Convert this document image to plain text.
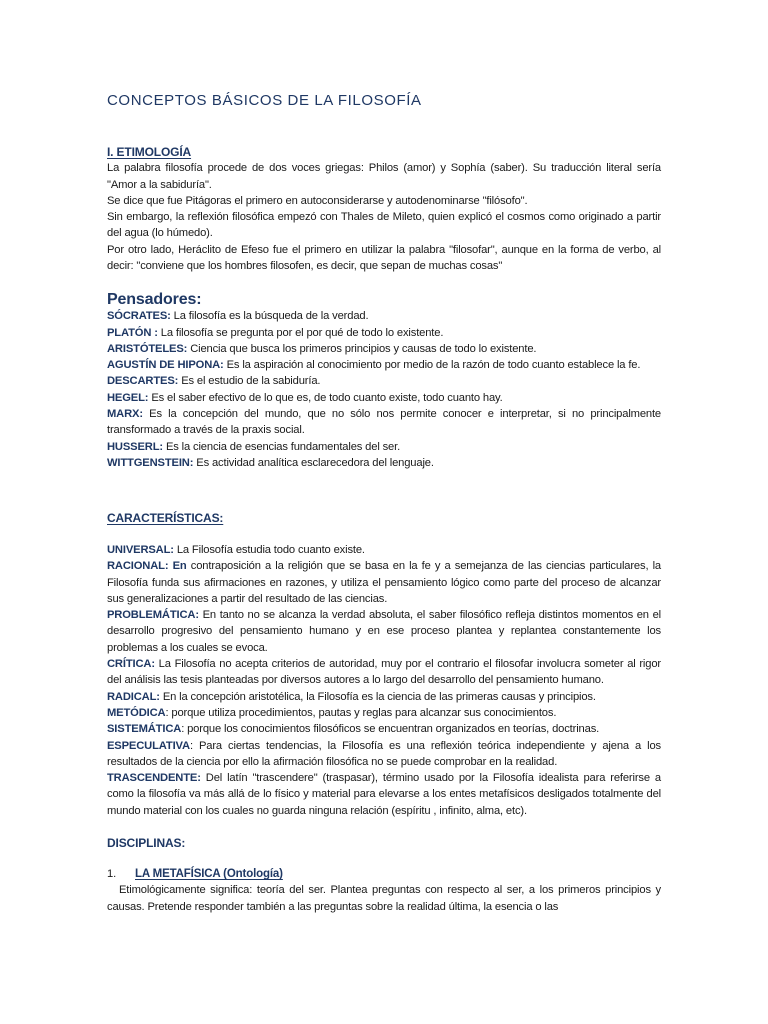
CONCEPTOS BÁSICOS DE LA FILOSOFÍA
I. ETIMOLOGÍA
La palabra filosofía procede de dos voces griegas: Philos (amor) y Sophía (saber). Su traducción literal sería "Amor a la sabiduría".
Se dice que fue Pitágoras el primero en autoconsiderarse y autodenominarse "filósofo".
Sin embargo, la reflexión filosófica empezó con Thales de Mileto, quien explicó el cosmos como originado a partir del agua (lo húmedo).
Por otro lado, Heráclito de Efeso fue el primero en utilizar la palabra "filosofar", aunque en la forma de verbo, al decir: "conviene que los hombres filosofen, es decir, que sepan de muchas cosas"
Pensadores:
SÓCRATES: La filosofía es la búsqueda de la verdad.
PLATÓN : La filosofía se pregunta por el por qué de todo lo existente.
ARISTÓTELES: Ciencia que busca los primeros principios y causas de todo lo existente.
AGUSTÍN DE HIPONA: Es la aspiración al conocimiento por medio de la razón de todo cuanto establece la fe.
DESCARTES: Es el estudio de la sabiduría.
HEGEL: Es el saber efectivo de lo que es, de todo cuanto existe, todo cuanto hay.
MARX: Es la concepción del mundo, que no sólo nos permite conocer e interpretar, si no principalmente transformado a través de la praxis social.
HUSSERL: Es la ciencia de esencias fundamentales del ser.
WITTGENSTEIN: Es actividad analítica esclarecedora del lenguaje.
CARACTERÍSTICAS:
UNIVERSAL: La Filosofía estudia todo cuanto existe.
RACIONAL: En contraposición a la religión que se basa en la fe y a semejanza de las ciencias particulares, la Filosofía funda sus afirmaciones en razones, y utiliza el pensamiento lógico como parte del proceso de alcanzar sus generalizaciones a partir del resultado de las ciencias.
PROBLEMÁTICA: En tanto no se alcanza la verdad absoluta, el saber filosófico refleja distintos momentos en el desarrollo progresivo del pensamiento humano y en ese proceso plantea y replantea constantemente los problemas a los cuales se evoca.
CRÍTICA: La Filosofía no acepta criterios de autoridad, muy por el contrario el filosofar involucra someter al rigor del análisis las tesis planteadas por diversos autores a lo largo del desarrollo del pensamiento humano.
RADICAL: En la concepción aristotélica, la Filosofía es la ciencia de las primeras causas y principios.
METÓDICA: porque utiliza procedimientos, pautas y reglas para alcanzar sus conocimientos.
SISTEMÁTICA: porque los conocimientos filosóficos se encuentran organizados en teorías, doctrinas.
ESPECULATIVA: Para ciertas tendencias, la Filosofía es una reflexión teórica independiente y ajena a los resultados de la ciencia por ello la afirmación filosófica no se puede comprobar en la realidad.
TRASCENDENTE: Del latín "trascendere" (traspasar), término usado por la Filosofía idealista para referirse a como la filosofía va más allá de lo físico y material para elevarse a los entes metafísicos desligados totalmente del mundo material con los cuales no guarda ninguna relación (espíritu , infinito, alma, etc).
DISCIPLINAS:
1. LA METAFÍSICA (Ontología)
Etimológicamente significa: teoría del ser. Plantea preguntas con respecto al ser, a los primeros principios y causas. Pretende responder también a las preguntas sobre la realidad última, la esencia o las
